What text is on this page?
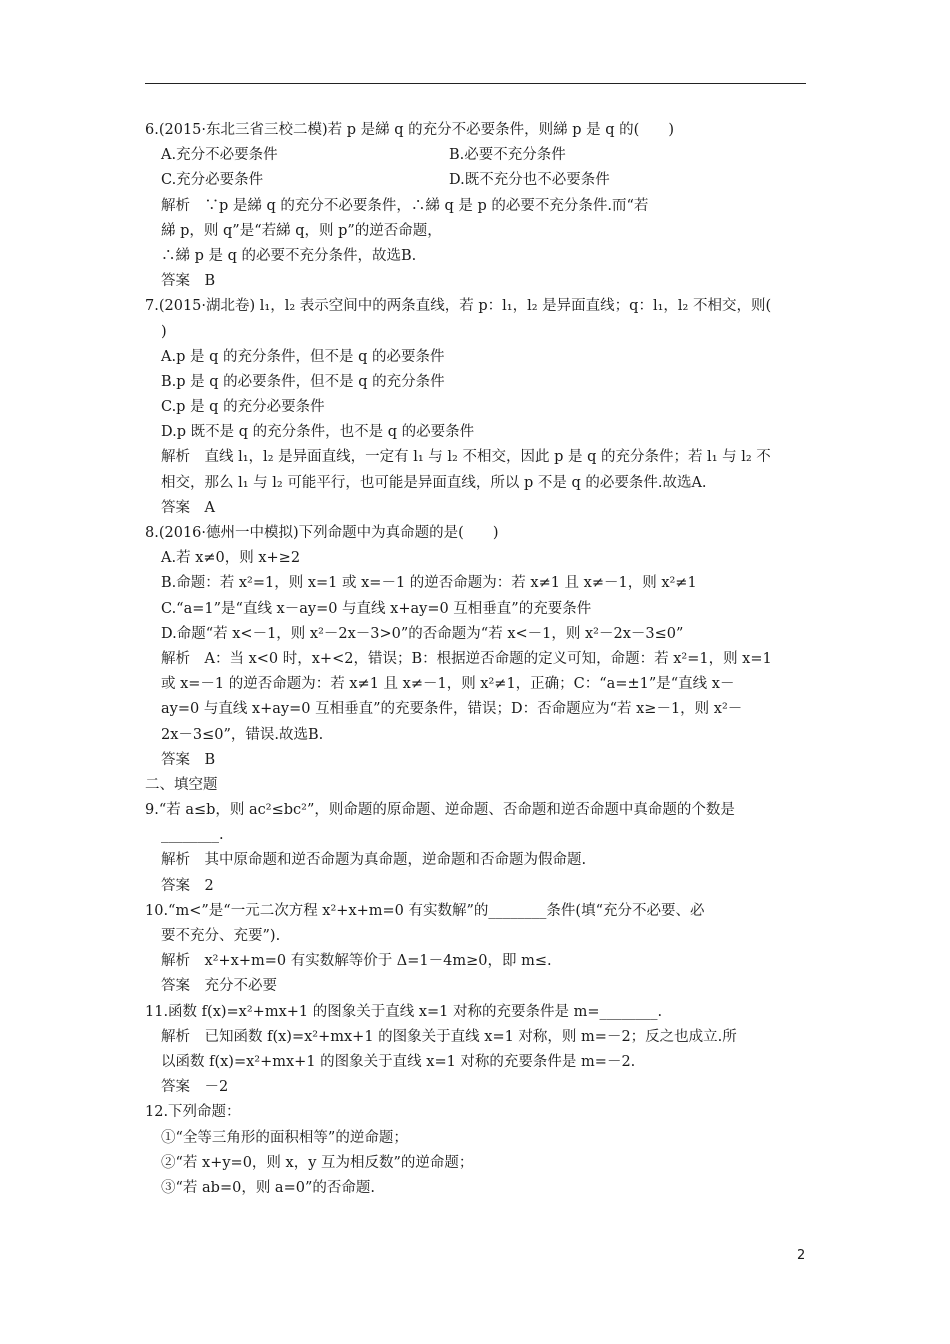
6.(2015·东北三省三校二模)若 p 是綈 q 的充分不必要条件，则綈 p 是 q 的(　　)
A.充分不必要条件	B.必要不充分条件
C.充分必要条件	D.既不充分也不必要条件
解析　∵p 是綈 q 的充分不必要条件，∴綈 q 是 p 的必要不充分条件.而“若
綈 p，则 q”是“若綈 q，则 p”的逆否命题，
∴綈 p 是 q 的必要不充分条件，故选B.
答案　B
7.(2015·湖北卷) l₁，l₂ 表示空间中的两条直线，若 p：l₁，l₂ 是异面直线；q：l₁，l₂ 不相交，则(
)
A.p 是 q 的充分条件，但不是 q 的必要条件
B.p 是 q 的必要条件，但不是 q 的充分条件
C.p 是 q 的充分必要条件
D.p 既不是 q 的充分条件，也不是 q 的必要条件
解析　直线 l₁，l₂ 是异面直线，一定有 l₁ 与 l₂ 不相交，因此 p 是 q 的充分条件；若 l₁ 与 l₂ 不
相交，那么 l₁ 与 l₂ 可能平行，也可能是异面直线，所以 p 不是 q 的必要条件.故选A.
答案　A
8.(2016·德州一中模拟)下列命题中为真命题的是(　　)
A.若 x≠0，则 x+≥2
B.命题：若 x²=1，则 x=1 或 x=－1 的逆否命题为：若 x≠1 且 x≠－1，则 x²≠1
C.“a=1”是“直线 x－ay=0 与直线 x+ay=0 互相垂直”的充要条件
D.命题“若 x<－1，则 x²－2x－3>0”的否命题为“若 x<－1，则 x²－2x－3≤0”
解析　A：当 x<0 时，x+<2，错误；B：根据逆否命题的定义可知，命题：若 x²=1，则 x=1
或 x=－1 的逆否命题为：若 x≠1 且 x≠－1，则 x²≠1，正确；C：“a=±1”是“直线 x－
ay=0 与直线 x+ay=0 互相垂直”的充要条件，错误；D：否命题应为“若 x≥－1，则 x²－
2x－3≤0”，错误.故选B.
答案　B
二、填空题
9.“若 a≤b，则 ac²≤bc²”，则命题的原命题、逆命题、否命题和逆否命题中真命题的个数是
________.
解析　其中原命题和逆否命题为真命题，逆命题和否命题为假命题.
答案　2
10.“m<”是“一元二次方程 x²+x+m=0 有实数解”的________条件(填“充分不必要、必
要不充分、充要”).
解析　x²+x+m=0 有实数解等价于 Δ=1－4m≥0，即 m≤.
答案　充分不必要
11.函数 f(x)=x²+mx+1 的图象关于直线 x=1 对称的充要条件是 m=________.
解析　已知函数 f(x)=x²+mx+1 的图象关于直线 x=1 对称，则 m=－2；反之也成立.所
以函数 f(x)=x²+mx+1 的图象关于直线 x=1 对称的充要条件是 m=－2.
答案　－2
12.下列命题：
①“全等三角形的面积相等”的逆命题；
②“若 x+y=0，则 x，y 互为相反数”的逆命题；
③“若 ab=0，则 a=0”的否命题.
2
